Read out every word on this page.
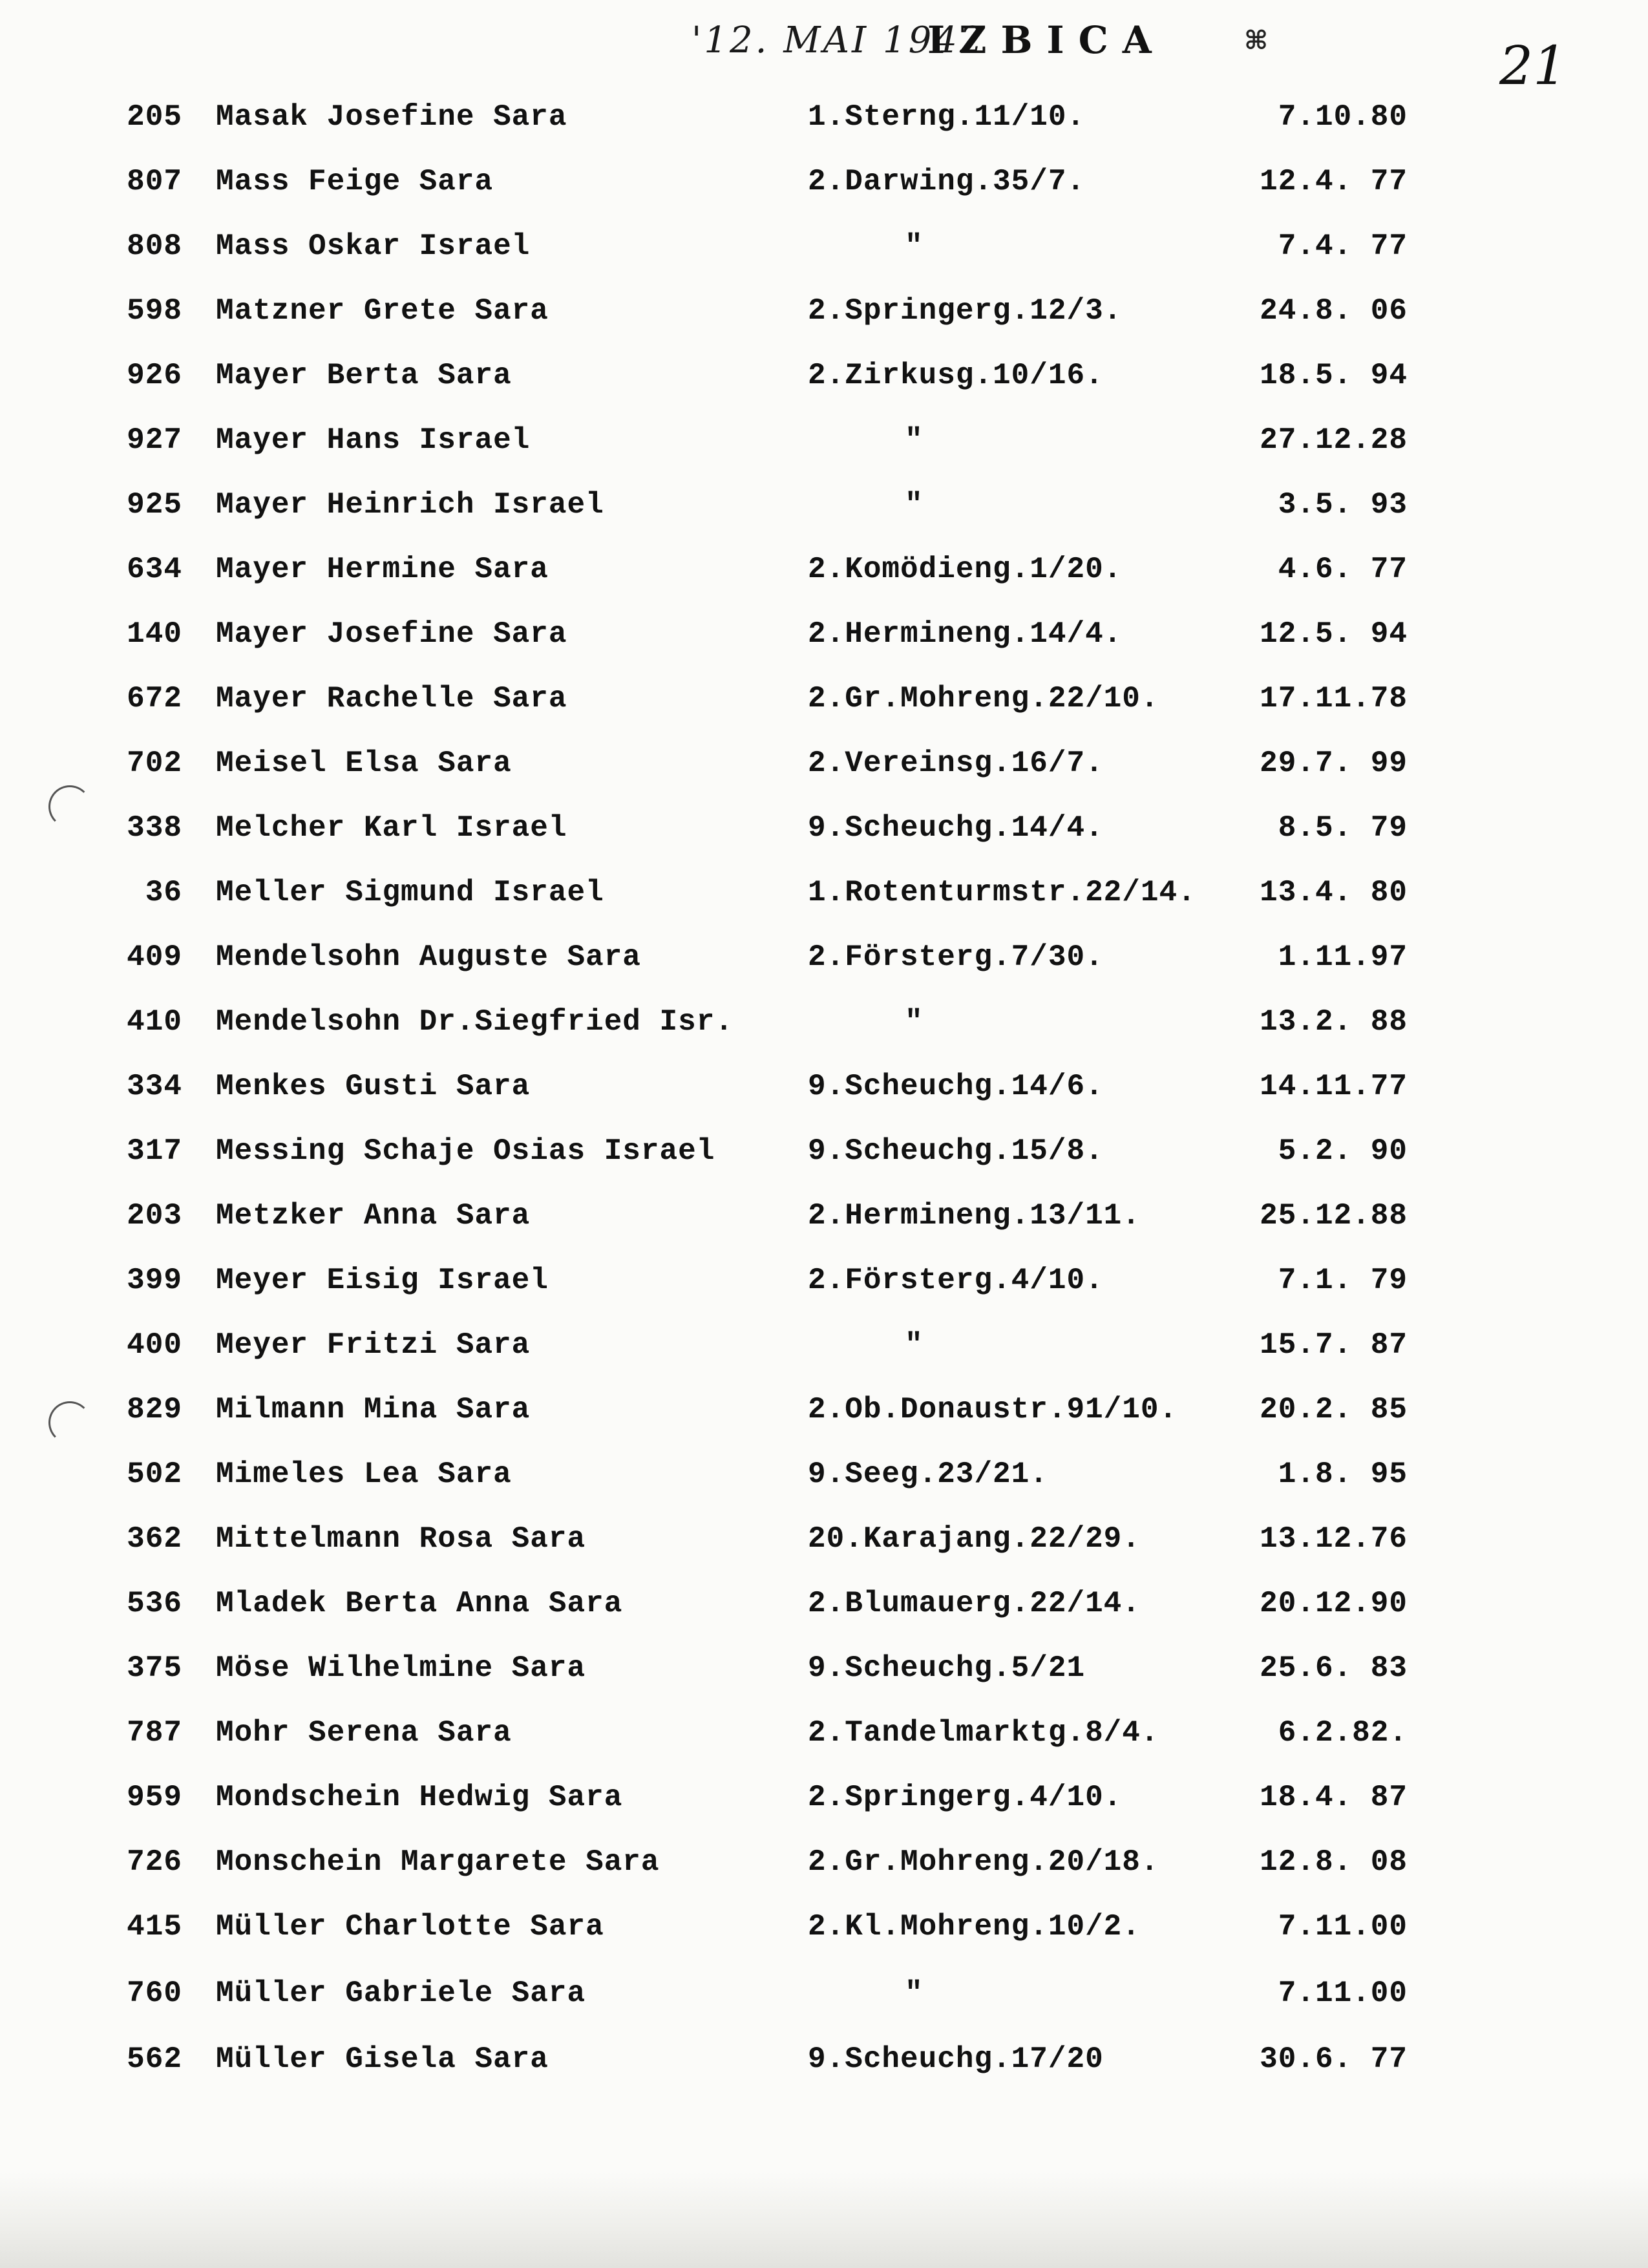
'12. MAI 1942
IZBICA	⌘	21
205 Masak Josefine Sara	1.Sterng.11/10.	7.10.80
807 Mass Feige Sara	2.Darwing.35/7.	12.4. 77
808 Mass Oskar Israel	"	7.4. 77
598 Matzner Grete Sara	2.Springerg.12/3.	24.8. 06
926 Mayer Berta Sara	2.Zirkusg.10/16.	18.5. 94
927 Mayer Hans Israel	"	27.12.28
925 Mayer Heinrich Israel	"	3.5. 93
634 Mayer Hermine Sara	2.Komödieng.1/20.	4.6. 77
140 Mayer Josefine Sara	2.Hermineng.14/4.	12.5. 94
672 Mayer Rachelle Sara	2.Gr.Mohreng.22/10.	17.11.78
702 Meisel Elsa Sara	2.Vereinsg.16/7.	29.7. 99
338 Melcher Karl Israel	9.Scheuchg.14/4.	8.5. 79
36 Meller Sigmund Israel	1.Rotenturmstr.22/14.	13.4. 80
409 Mendelsohn Auguste Sara	2.Försterg.7/30.	1.11.97
410 Mendelsohn Dr.Siegfried Isr.	"	13.2. 88
334 Menkes Gusti Sara	9.Scheuchg.14/6.	14.11.77
317 Messing Schaje Osias Israel	9.Scheuchg.15/8.	5.2. 90
203 Metzker Anna Sara	2.Hermineng.13/11.	25.12.88
399 Meyer Eisig Israel	2.Försterg.4/10.	7.1. 79
400 Meyer Fritzi Sara	"	15.7. 87
829 Milmann Mina Sara	2.Ob.Donaustr.91/10.	20.2. 85
502 Mimeles Lea Sara	9.Seeg.23/21.	1.8. 95
362 Mittelmann Rosa Sara	20.Karajang.22/29.	13.12.76
536 Mladek Berta Anna Sara	2.Blumauerg.22/14.	20.12.90
375 Möse Wilhelmine Sara	9.Scheuchg.5/21	25.6. 83
787 Mohr Serena Sara	2.Tandelmarktg.8/4.	6.2.82.
959 Mondschein Hedwig Sara	2.Springerg.4/10.	18.4. 87
726 Monschein Margarete Sara	2.Gr.Mohreng.20/18.	12.8. 08
415 Müller Charlotte Sara	2.Kl.Mohreng.10/2.	7.11.00
760 Müller Gabriele Sara	"	7.11.00
562 Müller Gisela Sara	9.Scheuchg.17/20	30.6. 77
